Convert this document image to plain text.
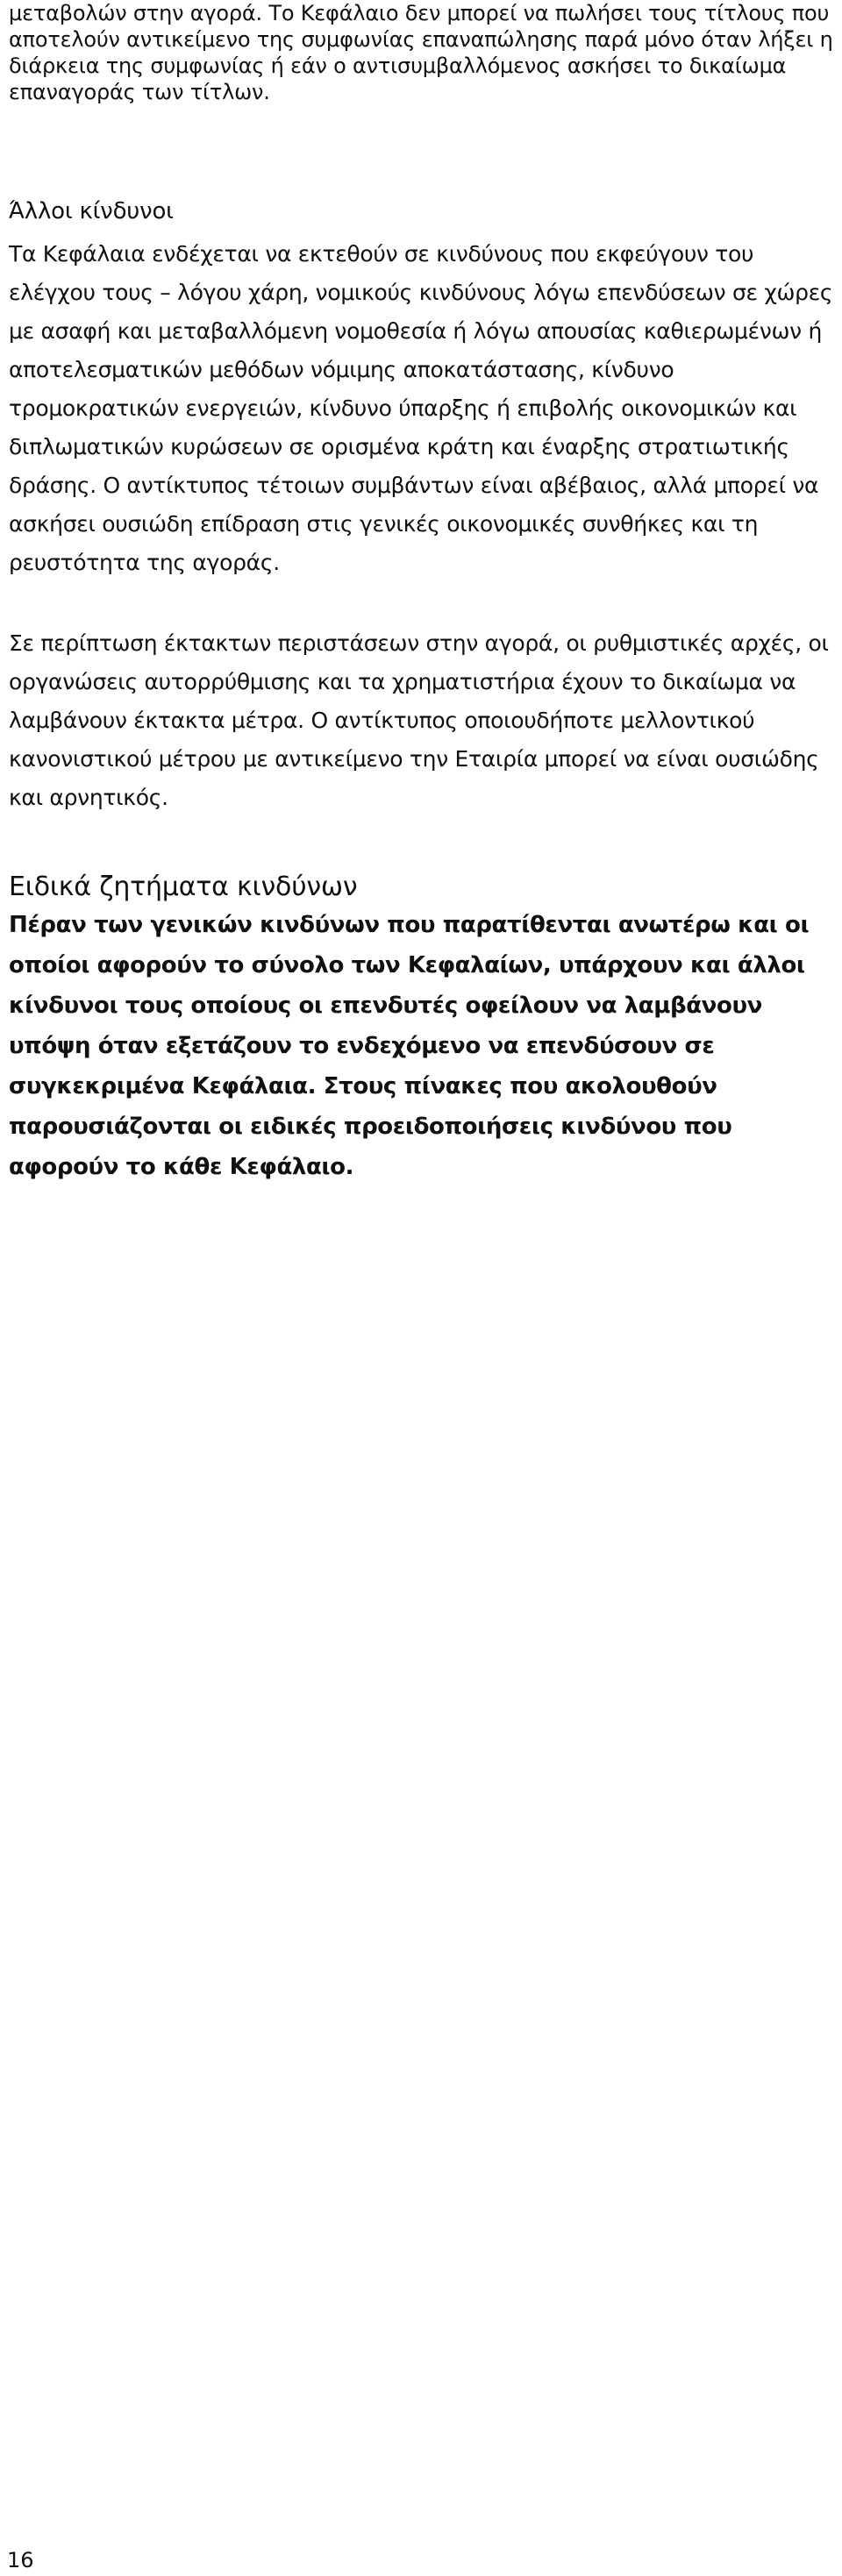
μεταβολών στην αγορά. Το Κεφάλαιο δεν μπορεί να πωλήσει τους τίτλους που αποτελούν αντικείμενο της συμφωνίας επαναπώλησης παρά μόνο όταν λήξει η διάρκεια της συμφωνίας ή εάν ο αντισυμβαλλόμενος ασκήσει το δικαίωμα επαναγοράς των τίτλων.

Άλλοι κίνδυνοι

Τα Κεφάλαια ενδέχεται να εκτεθούν σε κινδύνους που εκφεύγουν του ελέγχου τους – λόγου χάρη, νομικούς κινδύνους λόγω επενδύσεων σε χώρες με ασαφή και μεταβαλλόμενη νομοθεσία ή λόγω απουσίας καθιερωμένων ή αποτελεσματικών μεθόδων νόμιμης αποκατάστασης, κίνδυνο τρομοκρατικών ενεργειών, κίνδυνο ύπαρξης ή επιβολής οικονομικών και διπλωματικών κυρώσεων σε ορισμένα κράτη και έναρξης στρατιωτικής δράσης. Ο αντίκτυπος τέτοιων συμβάντων είναι αβέβαιος, αλλά μπορεί να ασκήσει ουσιώδη επίδραση στις γενικές οικονομικές συνθήκες και τη ρευστότητα της αγοράς.

Σε περίπτωση έκτακτων περιστάσεων στην αγορά, οι ρυθμιστικές αρχές, οι οργανώσεις αυτορρύθμισης και τα χρηματιστήρια έχουν το δικαίωμα να λαμβάνουν έκτακτα μέτρα. Ο αντίκτυπος οποιουδήποτε μελλοντικού κανονιστικού μέτρου με αντικείμενο την Εταιρία μπορεί να είναι ουσιώδης και αρνητικός.

Ειδικά ζητήματα κινδύνων

Πέραν των γενικών κινδύνων που παρατίθενται ανωτέρω και οι οποίοι αφορούν το σύνολο των Κεφαλαίων, υπάρχουν και άλλοι κίνδυνοι τους οποίους οι επενδυτές οφείλουν να λαμβάνουν υπόψη όταν εξετάζουν το ενδεχόμενο να επενδύσουν σε συγκεκριμένα Κεφάλαια. Στους πίνακες που ακολουθούν παρουσιάζονται οι ειδικές προειδοποιήσεις κινδύνου που αφορούν το κάθε Κεφάλαιο.

16
